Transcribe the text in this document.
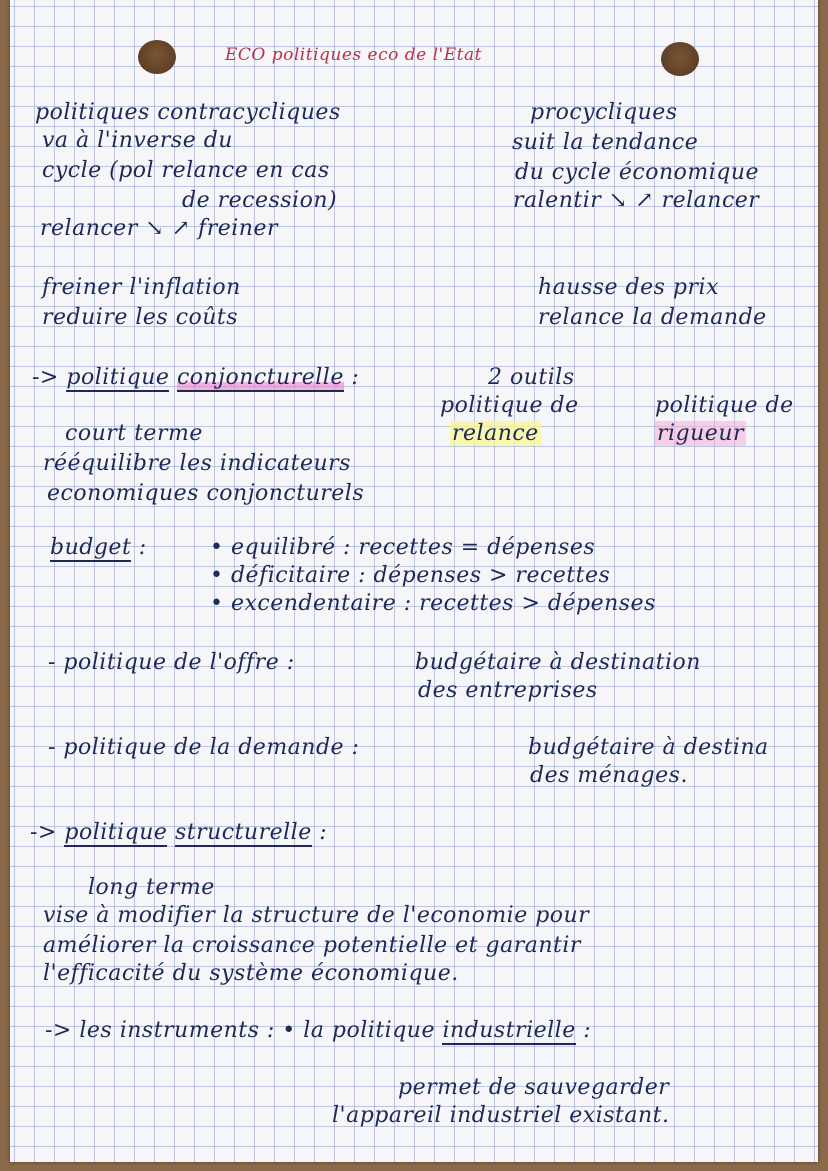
ECO politiques eco de l'Etat
politiques contracycliques
va à l'inverse du
cycle (pol relance en cas
de recession)
relancer ↘ ↗ freiner
procycliques
suit la tendance
du cycle économique
ralentir ↘ ↗ relancer
freiner l'inflation
reduire les coûts
hausse des prix
relance la demande
-> politique conjoncturelle :	2 outils
politique de
relance
politique de
rigueur
court terme
rééquilibre les indicateurs
economiques conjoncturels
budget :	• equilibré : recettes = dépenses
• déficitaire : dépenses > recettes
• excendentaire : recettes > dépenses
- politique de l'offre :	budgétaire à destination
des entreprises
- politique de la demande :	budgétaire à destina
des ménages.
-> politique structurelle :
long terme
vise à modifier la structure de l'economie pour
améliorer la croissance potentielle et garantir
l'efficacité du système économique.
-> les instruments : • la politique industrielle :
permet de sauvegarder
l'appareil industriel existant.
